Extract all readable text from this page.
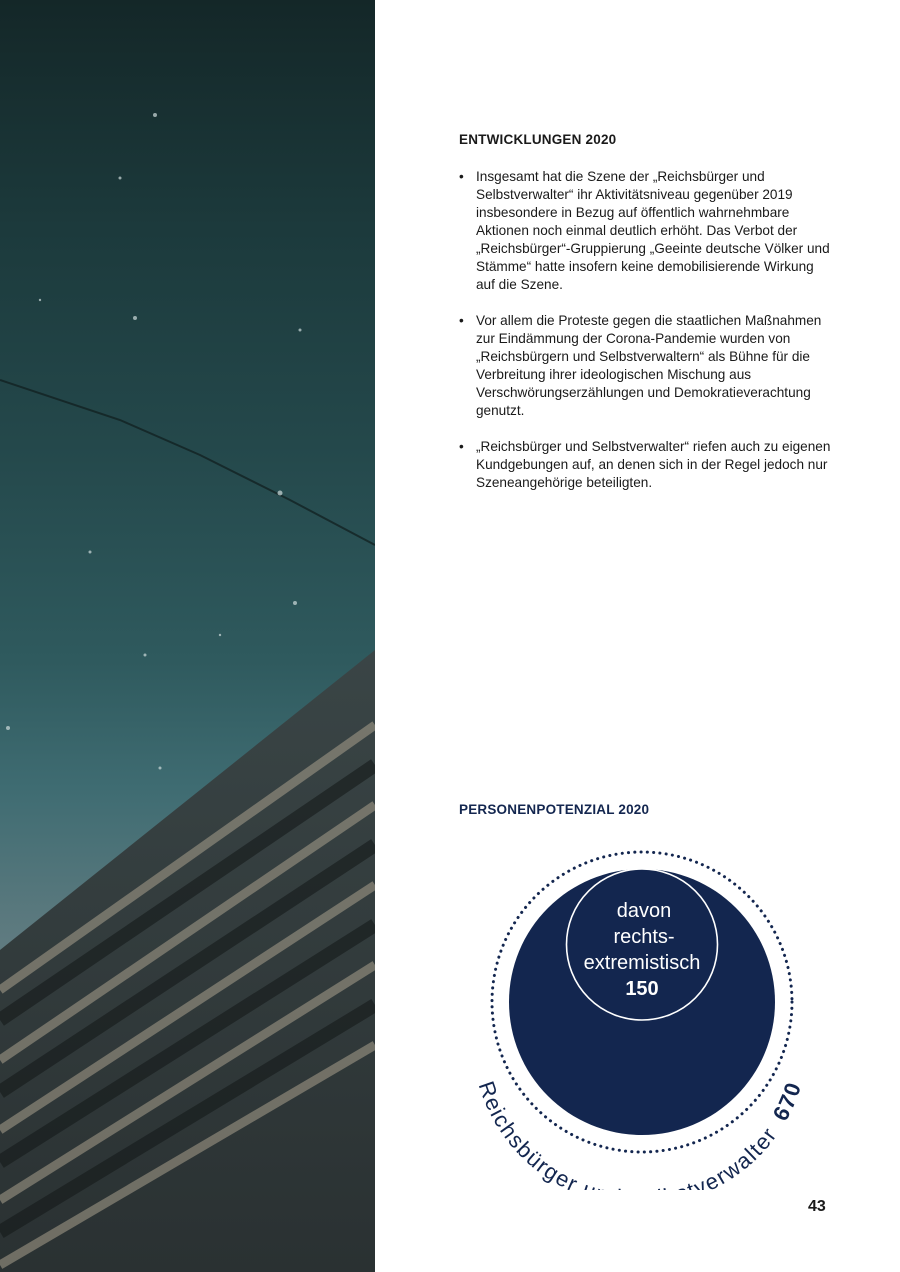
ENTWICKLUNGEN 2020
• Insgesamt hat die Szene der „Reichsbürger und Selbstverwalter“ ihr Aktivitätsniveau gegenüber 2019 insbesondere in Bezug auf öffentlich wahrnehmbare Aktionen noch einmal deutlich erhöht. Das Verbot der „Reichsbürger“-Gruppierung „Geeinte deutsche Völker und Stämme“ hatte insofern keine demobilisierende Wirkung auf die Szene.
• Vor allem die Proteste gegen die staatlichen Maßnahmen zur Eindämmung der Corona-Pandemie wurden von „Reichsbürgern und Selbstverwaltern“ als Bühne für die Verbreitung ihrer ideologischen Mischung aus Verschwörungserzählungen und Demokratieverachtung genutzt.
• „Reichsbürger und Selbstverwalter“ riefen auch zu eigenen Kundgebungen auf, an denen sich in der Regel jedoch nur Szeneangehörige beteiligten.
PERSONENPOTENZIAL 2020
davon
rechts-
extremistisch
150
Reichsbürger tverwalter 670
43
